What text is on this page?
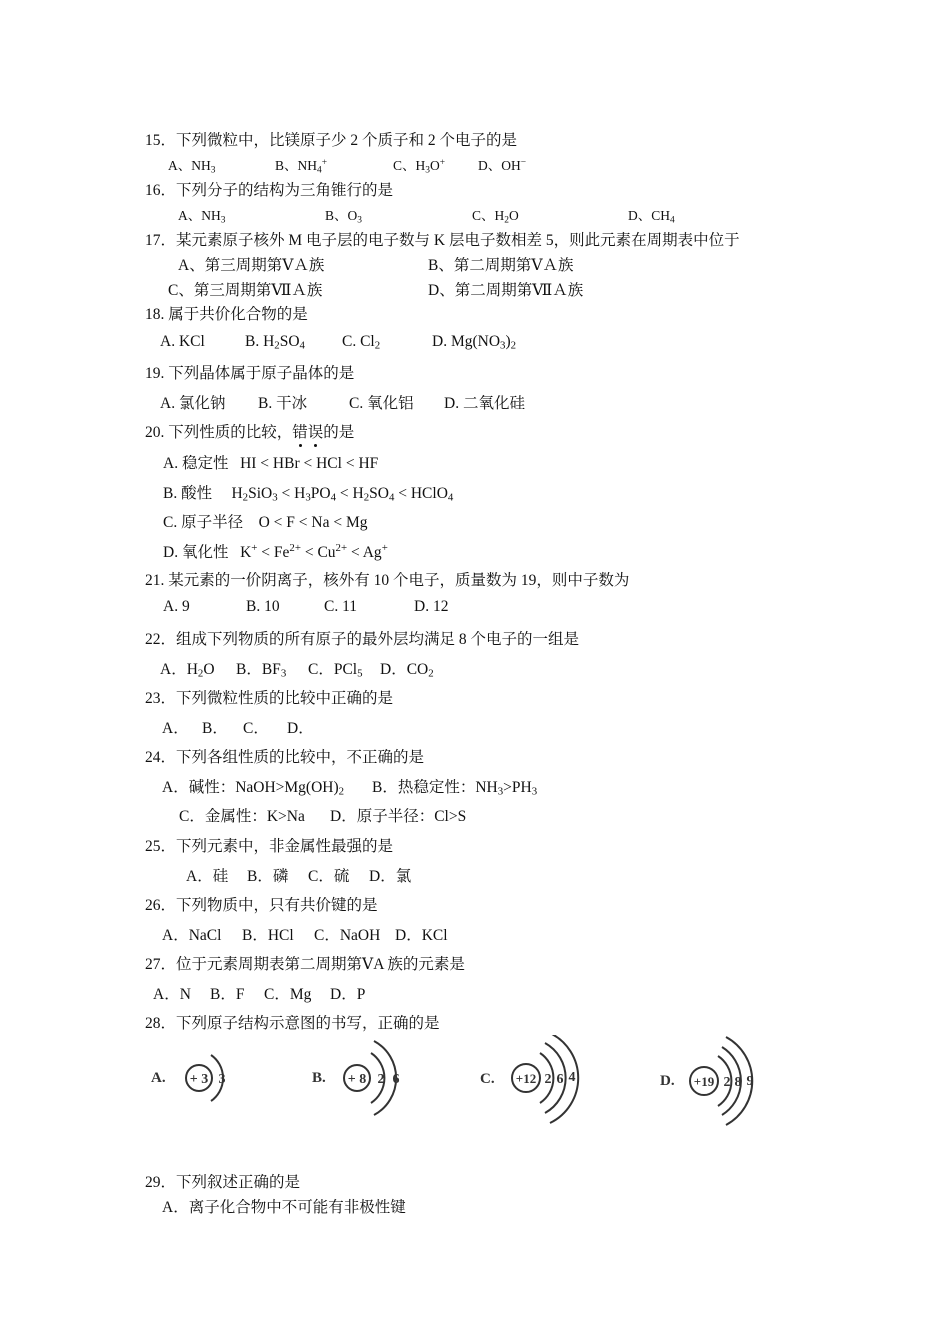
15．下列微粒中，比镁原子少 2 个质子和 2 个电子的是
A、$NH_3$	B、$NH_4^+$	C、$H_3O^+$ D、OH−
16．下列分子的结构为三角锥行的是
A、$NH_3$	B、$O_3$	C、$H_2O$	D、$CH_4$
17．某元素原子核外 M 电子层的电子数与 K 层电子数相差 5，则此元素在周期表中位于
A、第三周期第ⅤＡ族	B、第二周期第ⅤＡ族
C、第三周期第ⅦＡ族	D、第二周期第ⅦＡ族
18. 属于共价化合物的是
A. KCl	B. $H_2SO_4$ C. $Cl_2$	D. $Mg(NO_3)_2$
19. 下列晶体属于原子晶体的是
A. 氯化钠 B. 干冰	C. 氧化铝 D. 二氧化硅
20. 下列性质的比较，错误的是
A. 稳定性 HI < HBr < HCl < HF
B. 酸性     $H_2SiO_3 < H_3PO_4 < H_2SO_4$ < HClO$_4$
C. 原子半径 O < F < Na < Mg
D. 氧化性   $K^+ < Fe^{2+} < Cu^{2+} < Ag^+$
21. 某元素的一价阴离子，核外有 10 个电子，质量数为 19，则中子数为
A. 9	B. 10	C. 11	D. 12
22．组成下列物质的所有原子的最外层均满足 8 个电子的一组是
A．$H_2O$ B．$BF_3$ C．PCl$_5$ D．$CO_2$
23．下列微粒性质的比较中正确的是
A． B． C． D．
24．下列各组性质的比较中，不正确的是
A．碱性：$NaOH>Mg(OH)_2$ B．热稳定性：$NH_3>PH_3$
C．金属性：K>Na D．原子半径：Cl>S
25．下列元素中，非金属性最强的是
A．硅 B．磷 C．硫 D．氯
26．下列物质中，只有共价键的是
A．NaCl B．HCl C．NaOH D．KCl
27．位于元素周期表第二周期第ⅤA 族的元素是
A．N B．F C．Mg D．P
28．下列原子结构示意图的书写，正确的是
A. + 3 3	B. + 8 2 6	C. +12 2 6 4	D. +19 2 8 9
29．下列叙述正确的是
A．离子化合物中不可能有非极性键
